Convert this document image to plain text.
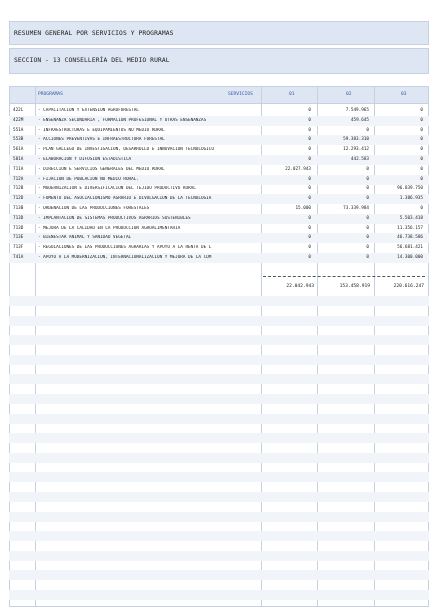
RESUMEN GENERAL POR SERVICIOS Y PROGRAMAS
SECCION - 13 CONSELLERÍA DEL MEDIO RURAL
PROGRAMAS	SERVICIOS	01	02	03
422L	- CAPACITACIÓN Y EXTENSIÓN AGROFORESTAL	0	7.549.965	0
422M	- ENSEÑANZA SECUNDARIA , FORMACIÓN PROFESIONAL Y OTRAS ENSEÑANZAS	0	459.645	0
551A	- INFRAESTRUCTURAS E EQUIPAMIENTOS NO MEDIO RURAL	0	0	0
553B	- ACCIONES PREVENTIVAS E INFRAESTRUCTURA FORESTAL	0	59.383.310	0
561A	- PLAN GALLEGO DE INVESTIGACIÓN, DESARROLLO E INNOVACIÓN TECNOLÓGICO	0	12.293.412	0
581A	- ELABORACIÓN Y DIFUSIÓN ESTADÍSTICA	0	442.583	0
711A	- DIRECCIÓN E SERVICIOS GENERALES DEL MEDIO RURAL	22.027.943	0	0
712A	- FIJACIÓN DE POBLACIÓN NO MEDIO RURAL.	0	0	0
712B	- MODERNIZACIÓN E DIVERSIFICACIÓN DEL TEJIDO PRODUCTIVO RURAL	0	0	96.839.750
712D	- FOMENTO DEL ASOCIACIONISMO AGRARIO E DIVULGACIÓN DE LA TECNOLOGÍA	0	0	1.386.935
713B	- ORDENACIÓN DE LAS PRODUCCIONES FORESTALES	15.000	73.339.984	0
713D	- IMPLANTACIÓN DE SISTEMAS PRODUCTIVOS AGRARIOS SOSTENIBLES	0	0	5.503.418
713D	- MEJORA DE LA CALIDAD EN LA PRODUCCIÓN AGROALIMENTARIA	0	0	11.356.157
713E	- BIENESTAR ANIMAL Y SANIDAD VEGETAL	0	0	46.738.586
713F	- REGULACIONES DE LAS PRODUCCIONES AGRARIAS Y APOYO A LA RENTA DE L	0	0	56.681.421
741A	- APOYO A LA MODERNIZACIÓN, INTERNACIONALIZACIÓN Y MEJORA DE LA COM	0	0	14.300.000
22.042.943	153.458.919	220.616.247
